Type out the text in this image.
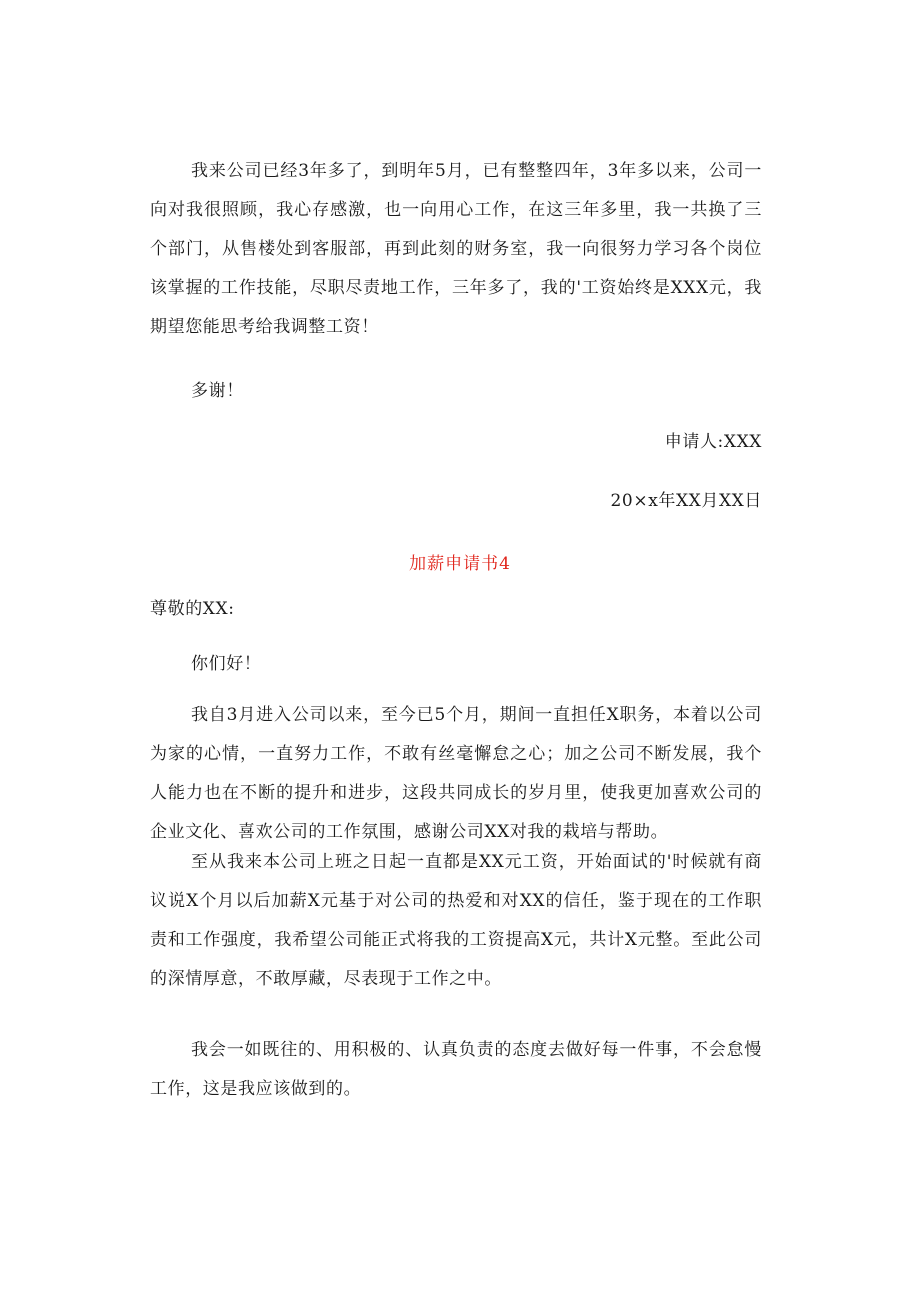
我来公司已经3年多了，到明年5月，已有整整四年，3年多以来，公司一向对我很照顾，我心存感激，也一向用心工作，在这三年多里，我一共换了三个部门，从售楼处到客服部，再到此刻的财务室，我一向很努力学习各个岗位该掌握的工作技能，尽职尽责地工作，三年多了，我的'工资始终是XXX元，我期望您能思考给我调整工资！

多谢！

申请人:XXX

20×x年XX月XX日

加薪申请书4

尊敬的XX:

你们好！

我自3月进入公司以来，至今已5个月，期间一直担任X职务，本着以公司为家的心情，一直努力工作，不敢有丝毫懈怠之心；加之公司不断发展，我个人能力也在不断的提升和进步，这段共同成长的岁月里，使我更加喜欢公司的企业文化、喜欢公司的工作氛围，感谢公司XX对我的栽培与帮助。

至从我来本公司上班之日起一直都是XX元工资，开始面试的'时候就有商议说X个月以后加薪X元基于对公司的热爱和对XX的信任，鉴于现在的工作职责和工作强度，我希望公司能正式将我的工资提高X元，共计X元整。至此公司的深情厚意，不敢厚藏，尽表现于工作之中。

我会一如既往的、用积极的、认真负责的态度去做好每一件事，不会怠慢工作，这是我应该做到的。
